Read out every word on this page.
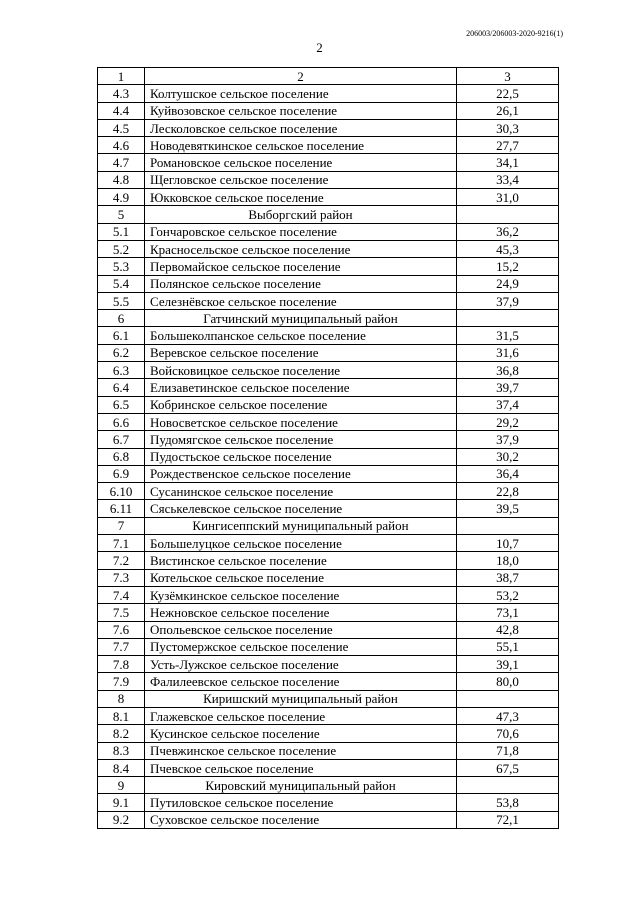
206003/206003-2020-9216(1)
2
1	2	3
4.3	Колтушское сельское поселение	22,5
4.4	Куйвозовское сельское поселение	26,1
4.5	Лесколовское сельское поселение	30,3
4.6	Новодевяткинское сельское поселение	27,7
4.7	Романовское сельское поселение	34,1
4.8	Щегловское сельское поселение	33,4
4.9	Юкковское сельское поселение	31,0
5	Выборгский район	
5.1	Гончаровское сельское поселение	36,2
5.2	Красносельское сельское поселение	45,3
5.3	Первомайское сельское поселение	15,2
5.4	Полянское сельское поселение	24,9
5.5	Селезнёвское сельское поселение	37,9
6	Гатчинский муниципальный район	
6.1	Большеколпанское сельское поселение	31,5
6.2	Веревское сельское поселение	31,6
6.3	Войсковицкое сельское поселение	36,8
6.4	Елизаветинское сельское поселение	39,7
6.5	Кобринское сельское поселение	37,4
6.6	Новосветское сельское поселение	29,2
6.7	Пудомягское сельское поселение	37,9
6.8	Пудостьское сельское поселение	30,2
6.9	Рождественское сельское поселение	36,4
6.10	Сусанинское сельское поселение	22,8
6.11	Сяськелевское сельское поселение	39,5
7	Кингисеппский муниципальный район	
7.1	Большелуцкое сельское поселение	10,7
7.2	Вистинское сельское поселение	18,0
7.3	Котельское сельское поселение	38,7
7.4	Кузёмкинское сельское поселение	53,2
7.5	Нежновское сельское поселение	73,1
7.6	Опольевское сельское поселение	42,8
7.7	Пустомержское сельское поселение	55,1
7.8	Усть-Лужское сельское поселение	39,1
7.9	Фалилеевское сельское поселение	80,0
8	Киришский муниципальный район	
8.1	Глажевское сельское поселение	47,3
8.2	Кусинское сельское поселение	70,6
8.3	Пчевжинское сельское поселение	71,8
8.4	Пчевское сельское поселение	67,5
9	Кировский муниципальный район	
9.1	Путиловское сельское поселение	53,8
9.2	Суховское сельское поселение	72,1
